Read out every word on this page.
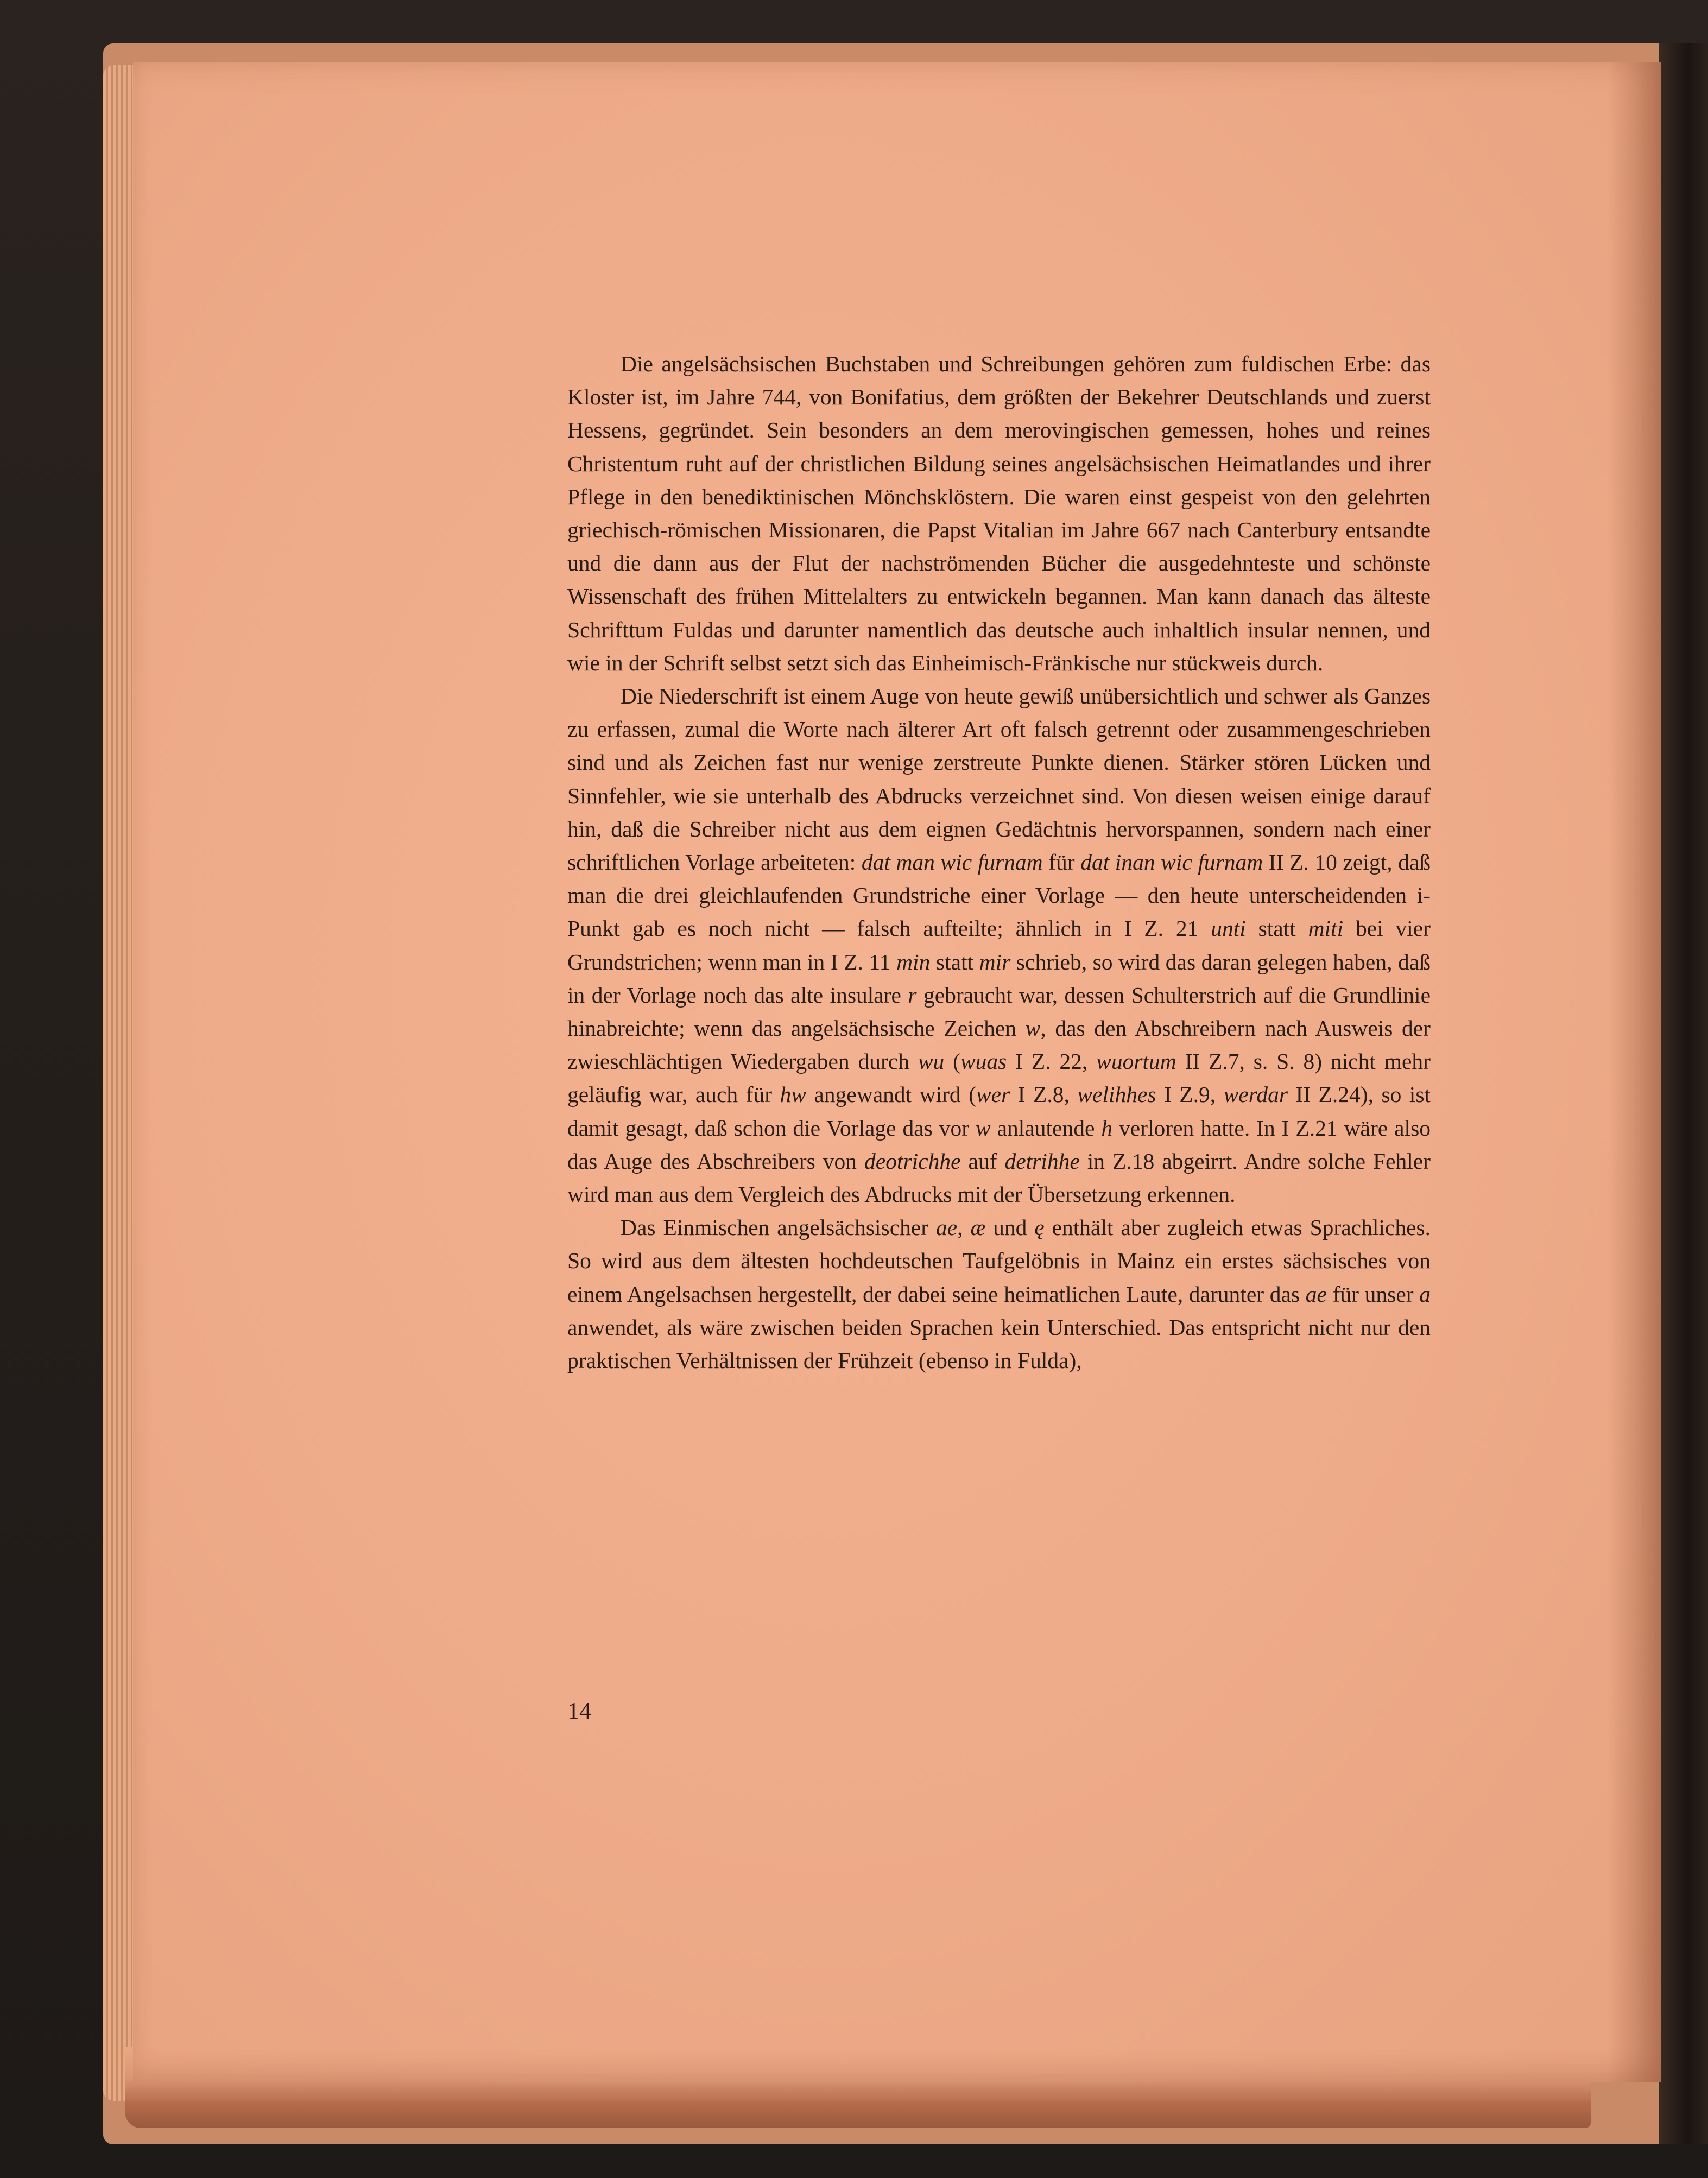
Die angelsächsischen Buchstaben und Schreibungen gehören zum fuldischen Erbe: das Kloster ist, im Jahre 744, von Bonifatius, dem größten der Bekehrer Deutschlands und zuerst Hessens, gegründet. Sein besonders an dem merovingischen gemessen, hohes und reines Christentum ruht auf der christlichen Bildung seines angelsächsischen Heimatlandes und ihrer Pflege in den benediktinischen Mönchsklöstern. Die waren einst gespeist von den gelehrten griechisch-römischen Missionaren, die Papst Vitalian im Jahre 667 nach Canterbury entsandte und die dann aus der Flut der nachströmenden Bücher die ausgedehnteste und schönste Wissenschaft des frühen Mittelalters zu entwickeln begannen. Man kann danach das älteste Schrifttum Fuldas und darunter namentlich das deutsche auch inhaltlich insular nennen, und wie in der Schrift selbst setzt sich das Einheimisch-Fränkische nur stückweis durch.

Die Niederschrift ist einem Auge von heute gewiß unübersichtlich und schwer als Ganzes zu erfassen, zumal die Worte nach älterer Art oft falsch getrennt oder zusammengeschrieben sind und als Zeichen fast nur wenige zerstreute Punkte dienen. Stärker stören Lücken und Sinnfehler, wie sie unterhalb des Abdrucks verzeichnet sind. Von diesen weisen einige darauf hin, daß die Schreiber nicht aus dem eignen Gedächtnis hervorspannen, sondern nach einer schriftlichen Vorlage arbeiteten: dat man wic furnam für dat inan wic furnam II Z. 10 zeigt, daß man die drei gleichlaufenden Grundstriche einer Vorlage — den heute unterscheidenden i-Punkt gab es noch nicht — falsch aufteilte; ähnlich in I Z. 21 unti statt miti bei vier Grundstrichen; wenn man in I Z. 11 min statt mir schrieb, so wird das daran gelegen haben, daß in der Vorlage noch das alte insulare r gebraucht war, dessen Schulterstrich auf die Grundlinie hinabreichte; wenn das angelsächsische Zeichen w, das den Abschreibern nach Ausweis der zwieschlächtigen Wiedergaben durch wu (wuas I Z. 22, wuortum II Z.7, s. S. 8) nicht mehr geläufig war, auch für hw angewandt wird (wer I Z.8, welihhes I Z.9, werdar II Z.24), so ist damit gesagt, daß schon die Vorlage das vor w anlautende h verloren hatte. In I Z.21 wäre also das Auge des Abschreibers von deotrichhe auf detrihhe in Z.18 abgeirrt. Andre solche Fehler wird man aus dem Vergleich des Abdrucks mit der Übersetzung erkennen.

Das Einmischen angelsächsischer ae, æ und ę enthält aber zugleich etwas Sprachliches. So wird aus dem ältesten hochdeutschen Taufgelöbnis in Mainz ein erstes sächsisches von einem Angelsachsen hergestellt, der dabei seine heimatlichen Laute, darunter das ae für unser a anwendet, als wäre zwischen beiden Sprachen kein Unterschied. Das entspricht nicht nur den praktischen Verhältnissen der Frühzeit (ebenso in Fulda),

14
